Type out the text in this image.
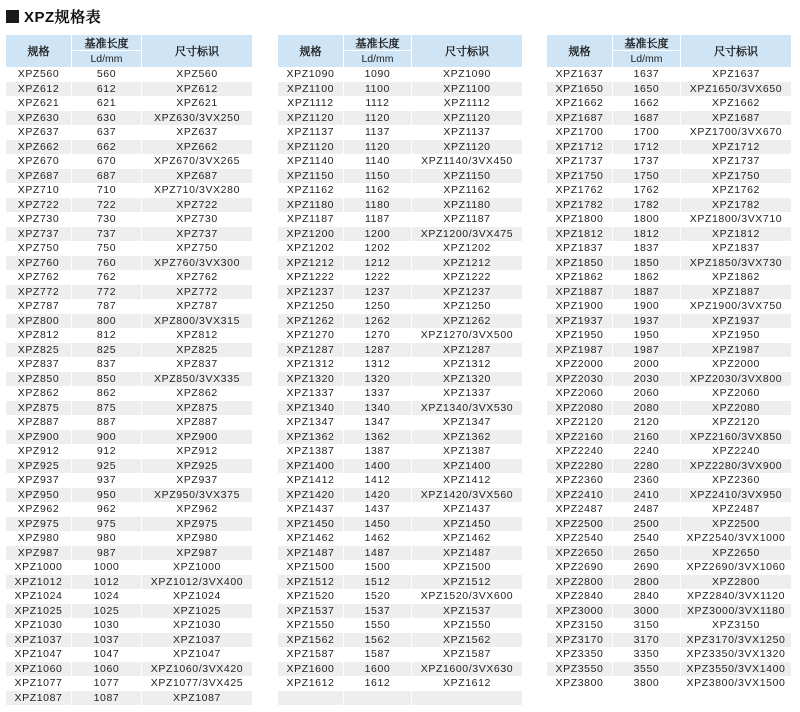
XPZ规格表
规格
基准长度
Ld/mm
尺寸标识
XPZ560	560	XPZ560
XPZ612	612	XPZ612
XPZ621	621	XPZ621
XPZ630	630	XPZ630/3VX250
XPZ637	637	XPZ637
XPZ662	662	XPZ662
XPZ670	670	XPZ670/3VX265
XPZ687	687	XPZ687
XPZ710	710	XPZ710/3VX280
XPZ722	722	XPZ722
XPZ730	730	XPZ730
XPZ737	737	XPZ737
XPZ750	750	XPZ750
XPZ760	760	XPZ760/3VX300
XPZ762	762	XPZ762
XPZ772	772	XPZ772
XPZ787	787	XPZ787
XPZ800	800	XPZ800/3VX315
XPZ812	812	XPZ812
XPZ825	825	XPZ825
XPZ837	837	XPZ837
XPZ850	850	XPZ850/3VX335
XPZ862	862	XPZ862
XPZ875	875	XPZ875
XPZ887	887	XPZ887
XPZ900	900	XPZ900
XPZ912	912	XPZ912
XPZ925	925	XPZ925
XPZ937	937	XPZ937
XPZ950	950	XPZ950/3VX375
XPZ962	962	XPZ962
XPZ975	975	XPZ975
XPZ980	980	XPZ980
XPZ987	987	XPZ987
XPZ1000	1000	XPZ1000
XPZ1012	1012	XPZ1012/3VX400
XPZ1024	1024	XPZ1024
XPZ1025	1025	XPZ1025
XPZ1030	1030	XPZ1030
XPZ1037	1037	XPZ1037
XPZ1047	1047	XPZ1047
XPZ1060	1060	XPZ1060/3VX420
XPZ1077	1077	XPZ1077/3VX425
XPZ1087	1087	XPZ1087
规格
基准长度
Ld/mm
尺寸标识
XPZ1090	1090	XPZ1090
XPZ1100	1100	XPZ1100
XPZ1112	1112	XPZ1112
XPZ1120	1120	XPZ1120
XPZ1137	1137	XPZ1137
XPZ1120	1120	XPZ1120
XPZ1140	1140	XPZ1140/3VX450
XPZ1150	1150	XPZ1150
XPZ1162	1162	XPZ1162
XPZ1180	1180	XPZ1180
XPZ1187	1187	XPZ1187
XPZ1200	1200	XPZ1200/3VX475
XPZ1202	1202	XPZ1202
XPZ1212	1212	XPZ1212
XPZ1222	1222	XPZ1222
XPZ1237	1237	XPZ1237
XPZ1250	1250	XPZ1250
XPZ1262	1262	XPZ1262
XPZ1270	1270	XPZ1270/3VX500
XPZ1287	1287	XPZ1287
XPZ1312	1312	XPZ1312
XPZ1320	1320	XPZ1320
XPZ1337	1337	XPZ1337
XPZ1340	1340	XPZ1340/3VX530
XPZ1347	1347	XPZ1347
XPZ1362	1362	XPZ1362
XPZ1387	1387	XPZ1387
XPZ1400	1400	XPZ1400
XPZ1412	1412	XPZ1412
XPZ1420	1420	XPZ1420/3VX560
XPZ1437	1437	XPZ1437
XPZ1450	1450	XPZ1450
XPZ1462	1462	XPZ1462
XPZ1487	1487	XPZ1487
XPZ1500	1500	XPZ1500
XPZ1512	1512	XPZ1512
XPZ1520	1520	XPZ1520/3VX600
XPZ1537	1537	XPZ1537
XPZ1550	1550	XPZ1550
XPZ1562	1562	XPZ1562
XPZ1587	1587	XPZ1587
XPZ1600	1600	XPZ1600/3VX630
XPZ1612	1612	XPZ1612
规格
基准长度
Ld/mm
尺寸标识
XPZ1637	1637	XPZ1637
XPZ1650	1650	XPZ1650/3VX650
XPZ1662	1662	XPZ1662
XPZ1687	1687	XPZ1687
XPZ1700	1700	XPZ1700/3VX670
XPZ1712	1712	XPZ1712
XPZ1737	1737	XPZ1737
XPZ1750	1750	XPZ1750
XPZ1762	1762	XPZ1762
XPZ1782	1782	XPZ1782
XPZ1800	1800	XPZ1800/3VX710
XPZ1812	1812	XPZ1812
XPZ1837	1837	XPZ1837
XPZ1850	1850	XPZ1850/3VX730
XPZ1862	1862	XPZ1862
XPZ1887	1887	XPZ1887
XPZ1900	1900	XPZ1900/3VX750
XPZ1937	1937	XPZ1937
XPZ1950	1950	XPZ1950
XPZ1987	1987	XPZ1987
XPZ2000	2000	XPZ2000
XPZ2030	2030	XPZ2030/3VX800
XPZ2060	2060	XPZ2060
XPZ2080	2080	XPZ2080
XPZ2120	2120	XPZ2120
XPZ2160	2160	XPZ2160/3VX850
XPZ2240	2240	XPZ2240
XPZ2280	2280	XPZ2280/3VX900
XPZ2360	2360	XPZ2360
XPZ2410	2410	XPZ2410/3VX950
XPZ2487	2487	XPZ2487
XPZ2500	2500	XPZ2500
XPZ2540	2540	XPZ2540/3VX1000
XPZ2650	2650	XPZ2650
XPZ2690	2690	XPZ2690/3VX1060
XPZ2800	2800	XPZ2800
XPZ2840	2840	XPZ2840/3VX1120
XPZ3000	3000	XPZ3000/3VX1180
XPZ3150	3150	XPZ3150
XPZ3170	3170	XPZ3170/3VX1250
XPZ3350	3350	XPZ3350/3VX1320
XPZ3550	3550	XPZ3550/3VX1400
XPZ3800	3800	XPZ3800/3VX1500
